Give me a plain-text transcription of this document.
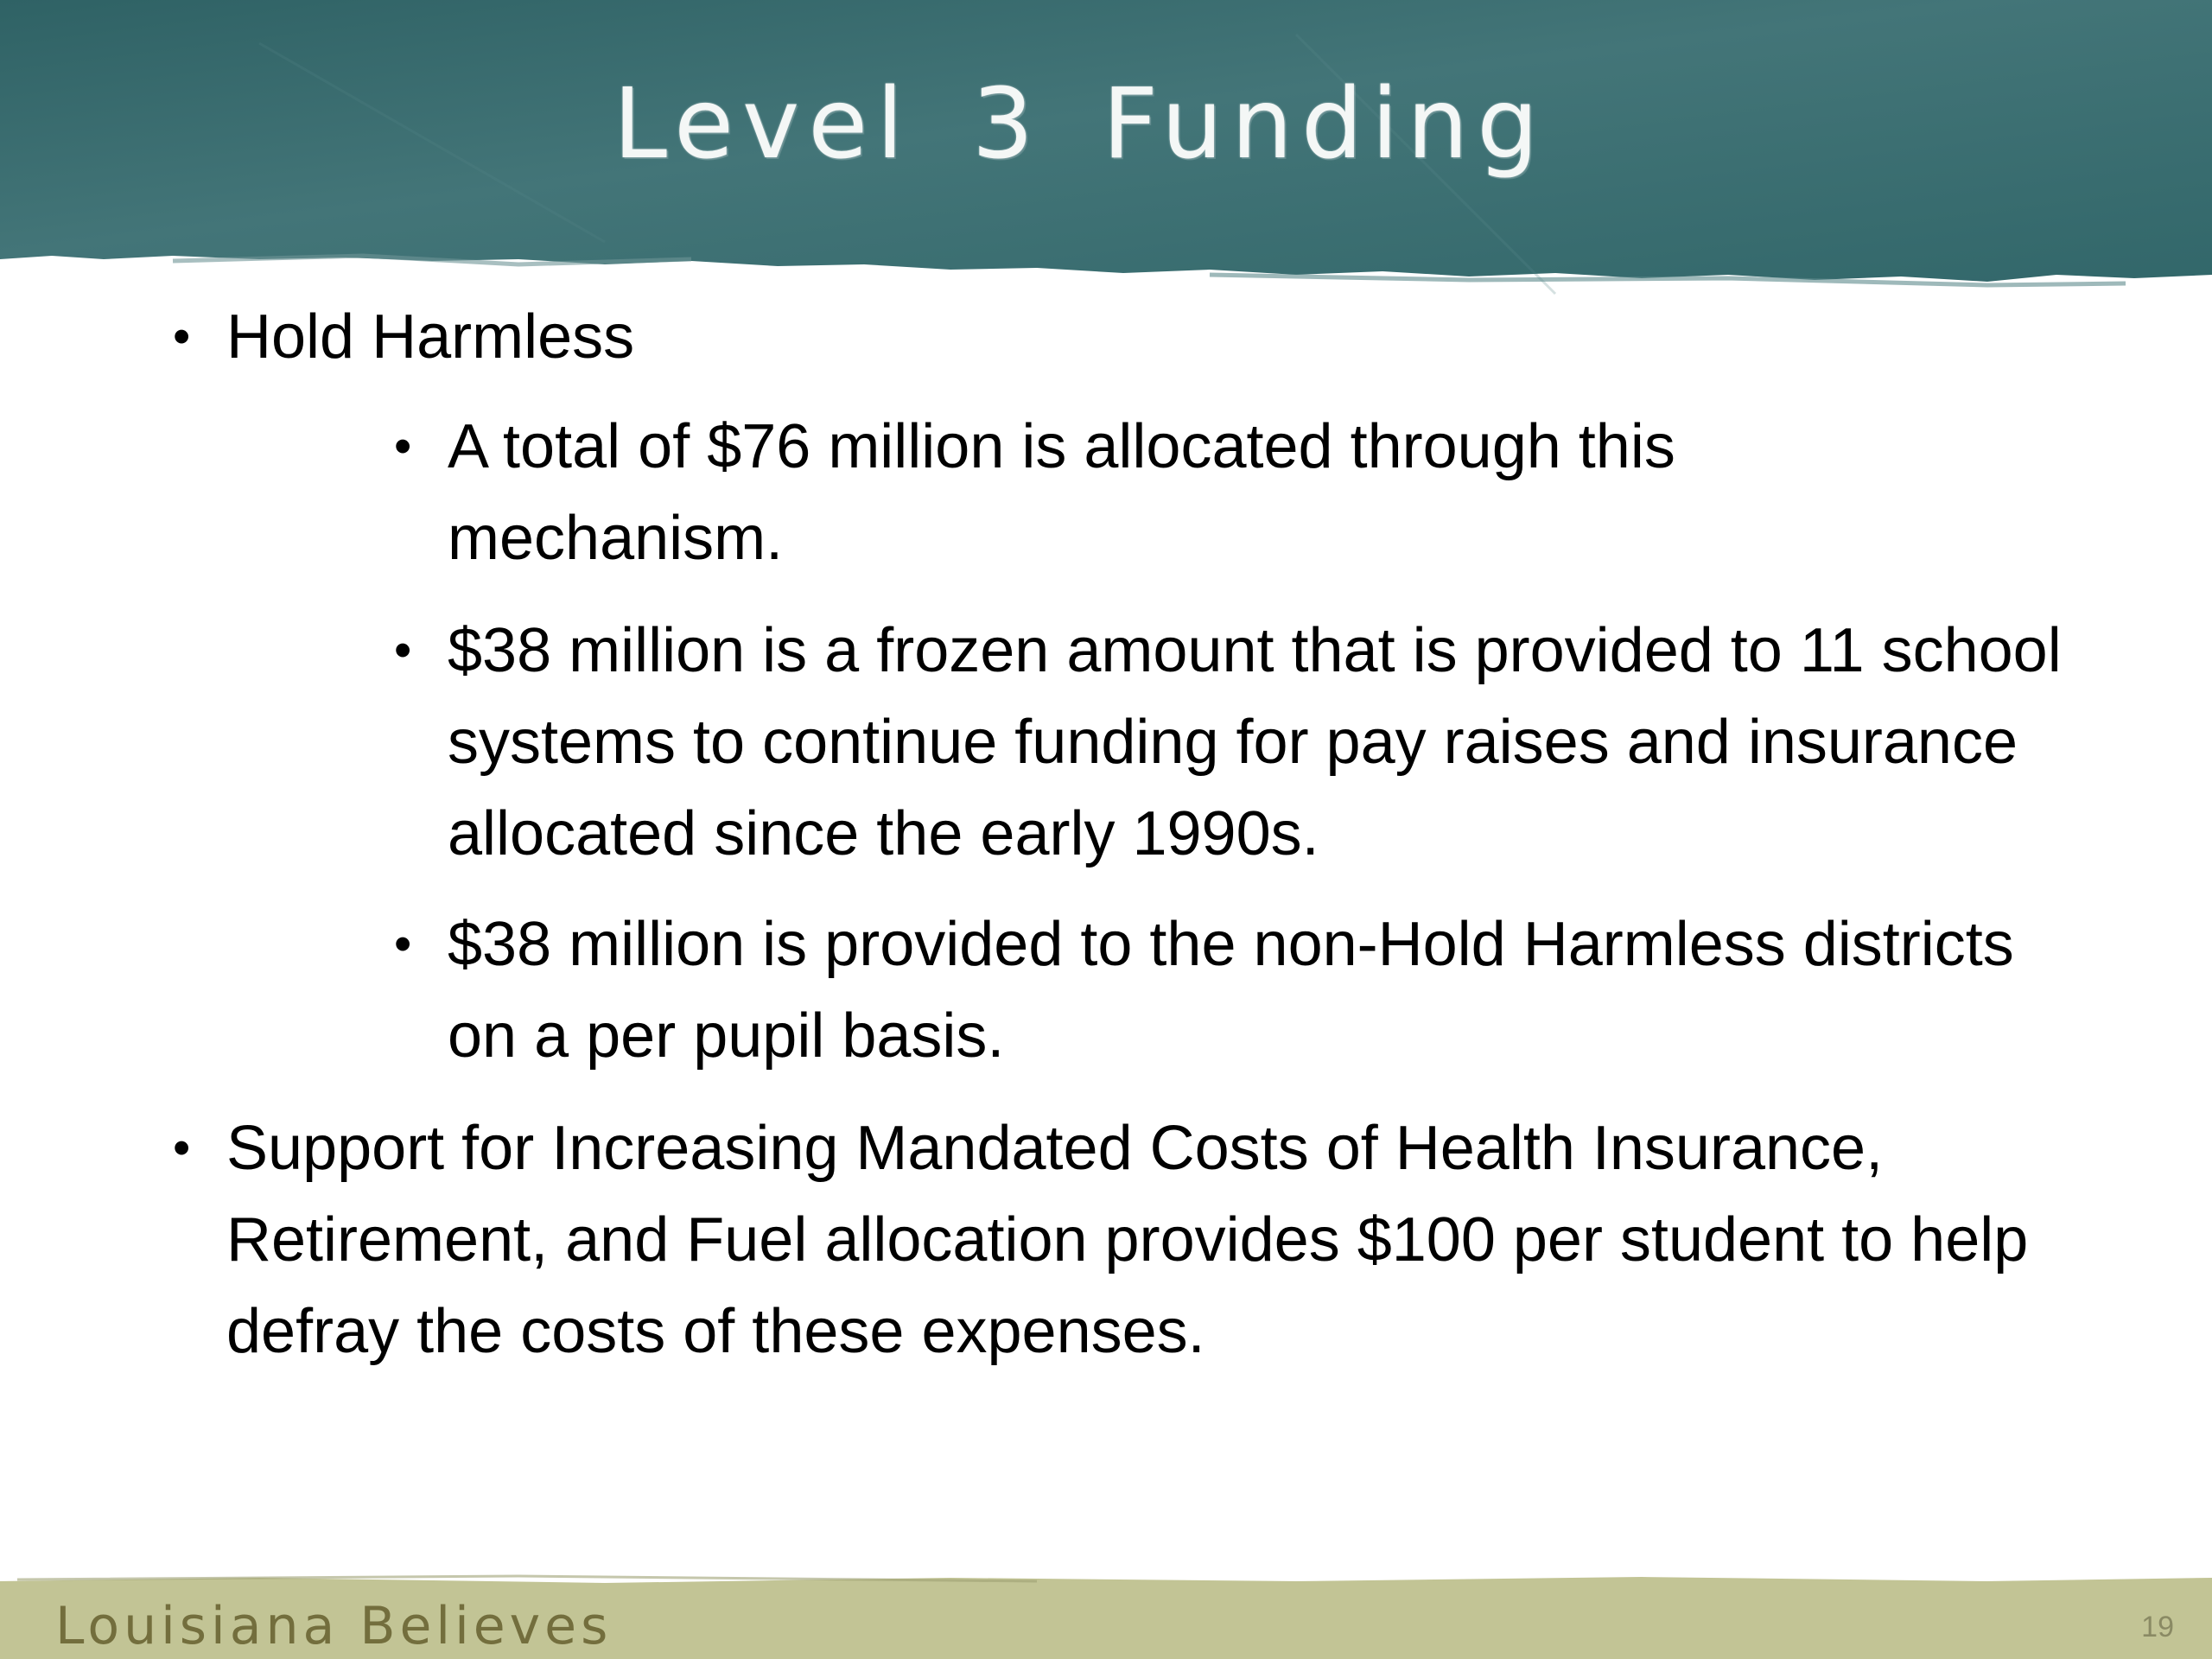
Level 3 Funding
• Hold Harmless
• A total of $76 million is allocated through this mechanism.
• $38 million is a frozen amount that is provided to 11 school systems to continue funding for pay raises and insurance allocated since the early 1990s.
• $38 million is provided to the non-Hold Harmless districts on a per pupil basis.
• Support for Increasing Mandated Costs of Health Insurance, Retirement, and Fuel allocation provides $100 per student to help defray the costs of these expenses.
Louisiana Believes	19
